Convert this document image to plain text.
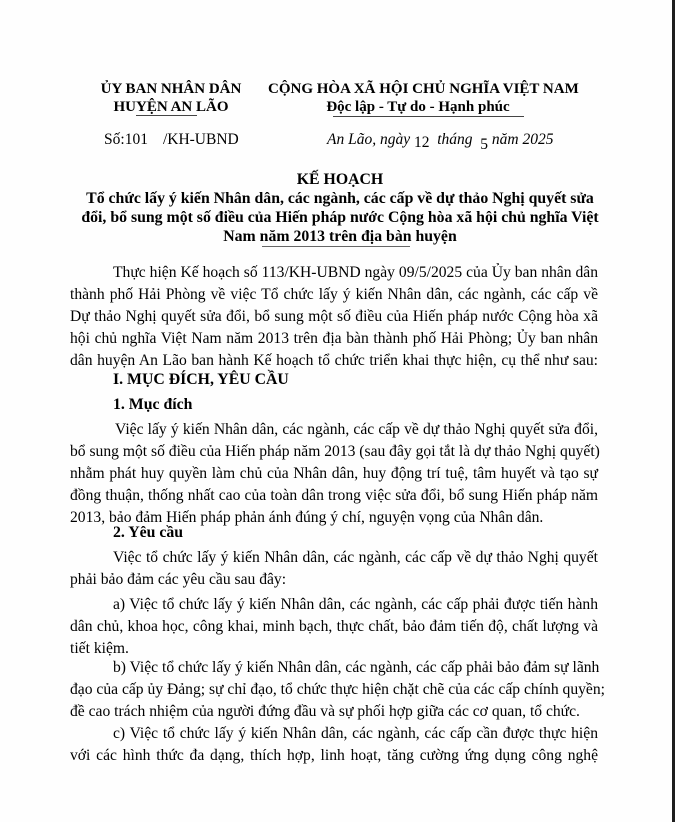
ỦY BAN NHÂN DÂN
HUYỆN AN LÃO
Số:101 /KH-UBND
CỘNG HÒA XÃ HỘI CHỦ NGHĨA VIỆT NAM
Độc lập - Tự do - Hạnh phúc
An Lão, ngày 12 tháng 5 năm 2025
KẾ HOẠCH
Tổ chức lấy ý kiến Nhân dân, các ngành, các cấp về dự thảo Nghị quyết sửa
đổi, bổ sung một số điều của Hiến pháp nước Cộng hòa xã hội chủ nghĩa Việt
Nam năm 2013 trên địa bàn huyện
Thực hiện Kế hoạch số 113/KH-UBND ngày 09/5/2025 của Ủy ban nhân dân
thành phố Hải Phòng về việc Tổ chức lấy ý kiến Nhân dân, các ngành, các cấp về
Dự thảo Nghị quyết sửa đổi, bổ sung một số điều của Hiến pháp nước Cộng hòa xã
hội chủ nghĩa Việt Nam năm 2013 trên địa bàn thành phố Hải Phòng; Ủy ban nhân
dân huyện An Lão ban hành Kế hoạch tổ chức triển khai thực hiện, cụ thể như sau:
I. MỤC ĐÍCH, YÊU CẦU
1. Mục đích
Việc lấy ý kiến Nhân dân, các ngành, các cấp về dự thảo Nghị quyết sửa đổi,
bổ sung một số điều của Hiến pháp năm 2013 (sau đây gọi tắt là dự thảo Nghị quyết)
nhằm phát huy quyền làm chủ của Nhân dân, huy động trí tuệ, tâm huyết và tạo sự
đồng thuận, thống nhất cao của toàn dân trong việc sửa đổi, bổ sung Hiến pháp năm
2013, bảo đảm Hiến pháp phản ánh đúng ý chí, nguyện vọng của Nhân dân.
2. Yêu cầu
Việc tổ chức lấy ý kiến Nhân dân, các ngành, các cấp về dự thảo Nghị quyết
phải bảo đảm các yêu cầu sau đây:
a) Việc tổ chức lấy ý kiến Nhân dân, các ngành, các cấp phải được tiến hành
dân chủ, khoa học, công khai, minh bạch, thực chất, bảo đảm tiến độ, chất lượng và
tiết kiệm.
b) Việc tổ chức lấy ý kiến Nhân dân, các ngành, các cấp phải bảo đảm sự lãnh
đạo của cấp ủy Đảng; sự chỉ đạo, tổ chức thực hiện chặt chẽ của các cấp chính quyền;
đề cao trách nhiệm của người đứng đầu và sự phối hợp giữa các cơ quan, tổ chức.
c) Việc tổ chức lấy ý kiến Nhân dân, các ngành, các cấp cần được thực hiện
với các hình thức đa dạng, thích hợp, linh hoạt, tăng cường ứng dụng công nghệ
